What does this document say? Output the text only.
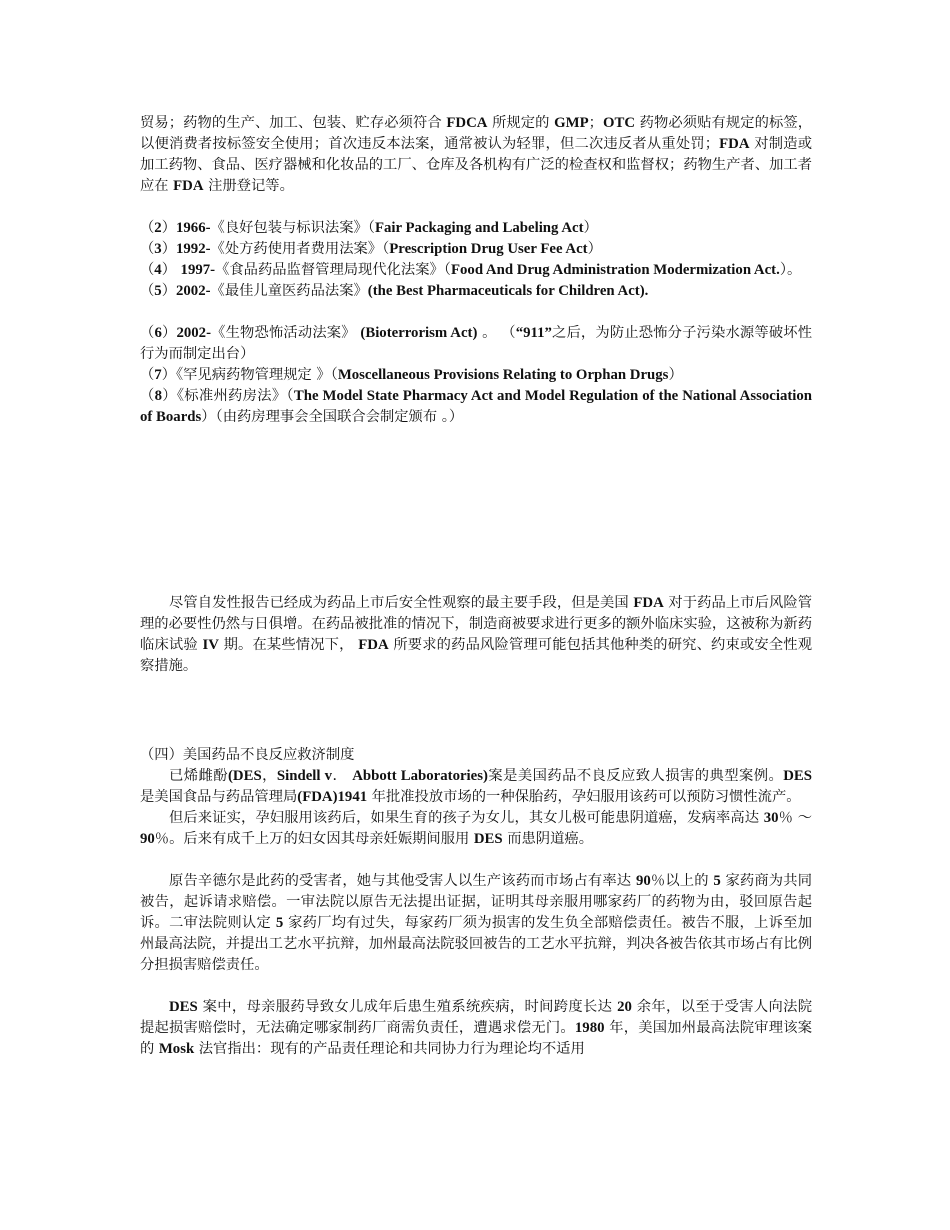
贸易；药物的生产、加工、包装、贮存必须符合 FDCA 所规定的 GMP；OTC 药物必须贴有规定的标签，以便消费者按标签安全使用；首次违反本法案，通常被认为轻罪，但二次违反者从重处罚；FDA 对制造或加工药物、食品、医疗器械和化妆品的工厂、仓库及各机构有广泛的检查权和监督权；药物生产者、加工者应在 FDA 注册登记等。

（2）1966-《良好包装与标识法案》（Fair Packaging and Labeling Act）

（3）1992-《处方药使用者费用法案》（Prescription Drug User Fee Act）

（4） 1997-《食品药品监督管理局现代化法案》（Food And Drug Administration Modermization Act.）。

（5）2002-《最佳儿童医药品法案》(the Best Pharmaceuticals for Children Act).

（6）2002-《生物恐怖活动法案》 (Bioterrorism Act) 。 （“9​11”之后，为防止恐怖分子污染水源等破坏性行为而制定出台）

（7）《罕见病药物管理规定 》（Moscellaneous Provisions Relating to Orphan Drugs）

（8）《标准州药房法》（The Model State Pharmacy Act and Model Regulation of the National Association of Boards）（由药房理事会全国联合会制定颁布 。）

尽管自发性报告已经成为药品上市后安全性观察的最主要手段，但是美国 FDA 对于药品上市后风险管理的必要性仍然与日俱增。在药品被批准的情况下，制造商被要求进行更多的额外临床实验，这被称为新药临床试验 IV 期。在某些情况下， FDA 所要求的药品风险管理可能包括其他种类的研究、约束或安全性观察措施。

（四）美国药品不良反应救济制度

已烯雌酚(DES，Sindell v． Abbott Laboratories)案是美国药品不良反应致人损害的典型案例。DES 是美国食品与药品管理局(FDA)1941 年批准投放市场的一种保胎药，孕妇服用该药可以预防习惯性流产。

但后来证实，孕妇服用该药后，如果生育的孩子为女儿，其女儿极可能患阴道癌，发病率高达 30％ ～90％。后来有成千上万的妇女因其母亲妊娠期间服用 DES 而患阴道癌。

原告辛德尔是此药的受害者，她与其他受害人以生产该药而市场占有率达 90％以上的 5 家药商为共同被告，起诉请求赔偿。一审法院以原告无法提出证据，证明其母亲服用哪家药厂的药物为由，驳回原告起诉。二审法院则认定 5 家药厂均有过失，每家药厂须为损害的发生负全部赔偿责任。被告不服，上诉至加州最高法院，并提出工艺水平抗辩，加州最高法院驳回被告的工艺水平抗辩，判决各被告依其市场占有比例分担损害赔偿责任。

DES 案中，母亲服药导致女儿成年后患生殖系统疾病，时间跨度长达 20 余年，以至于受害人向法院提起损害赔偿时，无法确定哪家制药厂商需负责任，遭遇求偿无门。1980 年，美国加州最高法院审理该案的 Mosk 法官指出：现有的产品责任理论和共同协力行为理论均不适用
